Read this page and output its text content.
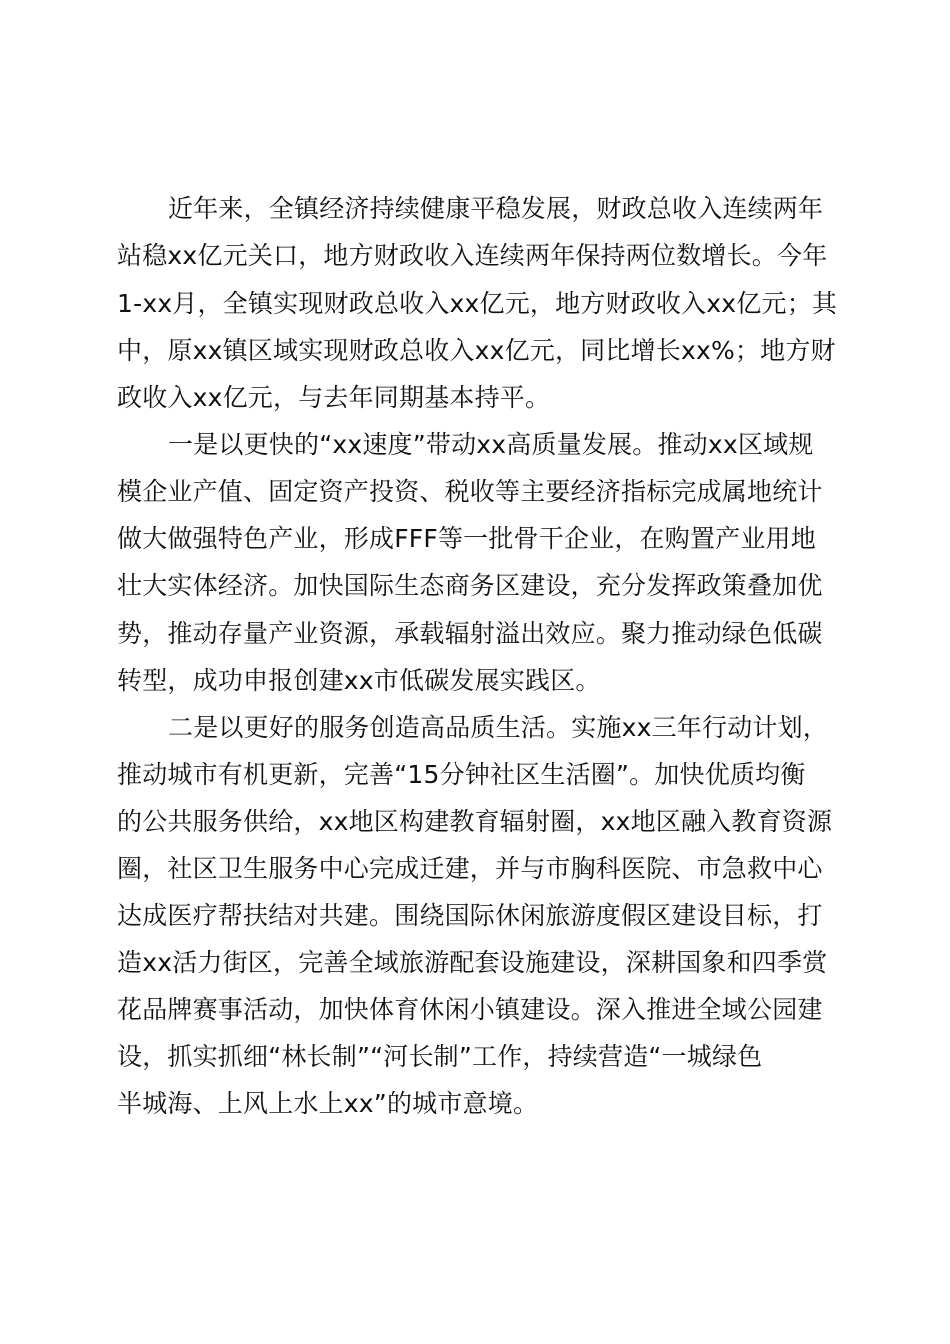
近年来，全镇经济持续健康平稳发展，财政总收入连续两年
站稳xx亿元关口，地方财政收入连续两年保持两位数增长。今年
1-xx月，全镇实现财政总收入xx亿元，地方财政收入xx亿元；其
中，原xx镇区域实现财政总收入xx亿元，同比增长xx%；地方财
政收入xx亿元，与去年同期基本持平。
一是以更快的“xx速度”带动xx高质量发展。推动xx区域规
模企业产值、固定资产投资、税收等主要经济指标完成属地统计
做大做强特色产业，形成FFF等一批骨干企业，在购置产业用地
壮大实体经济。加快国际生态商务区建设，充分发挥政策叠加优
势，推动存量产业资源，承载辐射溢出效应。聚力推动绿色低碳
转型，成功申报创建xx市低碳发展实践区。
二是以更好的服务创造高品质生活。实施xx三年行动计划，
推动城市有机更新，完善“15分钟社区生活圈”。加快优质均衡
的公共服务供给，xx地区构建教育辐射圈，xx地区融入教育资源
圈，社区卫生服务中心完成迁建，并与市胸科医院、市急救中心
达成医疗帮扶结对共建。围绕国际休闲旅游度假区建设目标，打
造xx活力街区，完善全域旅游配套设施建设，深耕国象和四季赏
花品牌赛事活动，加快体育休闲小镇建设。深入推进全域公园建
设，抓实抓细“林长制”“河长制”工作，持续营造“一城绿色
半城海、上风上水上xx”的城市意境。
